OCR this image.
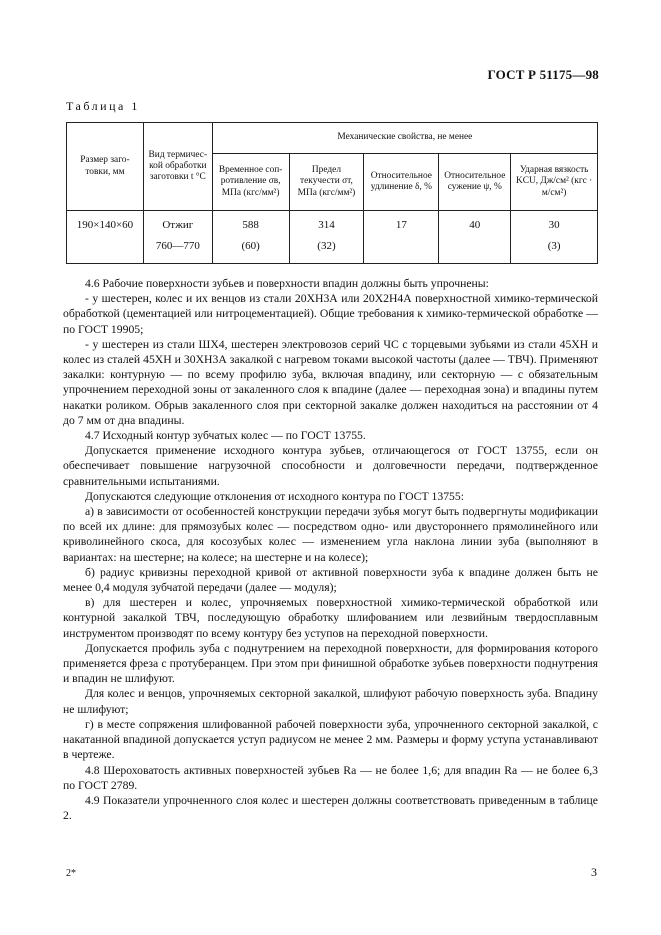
ГОСТ Р 51175—98
Таблица 1
Размер заго-товки, мм	Вид термичес-кой обработки заготовки t °С	Механические свойства, не менее				
		Временное соп-ротивление σв, МПа (кгс/мм²)	Предел текучести σт, МПа (кгс/мм²)	Относительное удлинение δ, %	Относительное сужение ψ, %	Ударная вязкость KCU, Дж/см² (кгс · м/см²)
190×140×60	Отжиг	588	314	17	40	30
	760—770	(60)	(32)			(3)

4.6 Рабочие поверхности зубьев и поверхности впадин должны быть упрочнены:

- у шестерен, колес и их венцов из стали 20ХН3А или 20Х2Н4А поверхностной химико-термической обработкой (цементацией или нитроцементацией). Общие требования к химико-термической обработке — по ГОСТ 19905;

- у шестерен из стали ШХ4, шестерен электровозов серий ЧС с торцевыми зубьями из стали 45ХН и колес из сталей 45ХН и 30ХН3А закалкой с нагревом токами высокой частоты (далее — ТВЧ). Применяют закалки: контурную — по всему профилю зуба, включая впадину, или секторную — с обязательным упрочнением переходной зоны от закаленного слоя к впадине (далее — переходная зона) и впадины путем накатки роликом. Обрыв закаленного слоя при секторной закалке должен находиться на расстоянии от 4 до 7 мм от дна впадины.

4.7 Исходный контур зубчатых колес — по ГОСТ 13755.

Допускается применение исходного контура зубьев, отличающегося от ГОСТ 13755, если он обеспечивает повышение нагрузочной способности и долговечности передачи, подтвержденное сравнительными испытаниями.

Допускаются следующие отклонения от исходного контура по ГОСТ 13755:

а) в зависимости от особенностей конструкции передачи зубья могут быть подвергнуты модификации по всей их длине: для прямозубых колес — посредством одно- или двустороннего прямолинейного или криволинейного скоса, для косозубых колес — изменением угла наклона линии зуба (выполняют в вариантах: на шестерне; на колесе; на шестерне и на колесе);

б) радиус кривизны переходной кривой от активной поверхности зуба к впадине должен быть не менее 0,4 модуля зубчатой передачи (далее — модуля);

в) для шестерен и колес, упрочняемых поверхностной химико-термической обработкой или контурной закалкой ТВЧ, последующую обработку шлифованием или лезвийным твердосплавным инструментом производят по всему контуру без уступов на переходной поверхности.

Допускается профиль зуба с поднутрением на переходной поверхности, для формирования которого применяется фреза с протуберанцем. При этом при финишной обработке зубьев поверхности поднутрения и впадин не шлифуют.

Для колес и венцов, упрочняемых секторной закалкой, шлифуют рабочую поверхность зуба. Впадину не шлифуют;

г) в месте сопряжения шлифованной рабочей поверхности зуба, упрочненного секторной закалкой, с накатанной впадиной допускается уступ радиусом не менее 2 мм. Размеры и форму уступа устанавливают в чертеже.

4.8 Шероховатость активных поверхностей зубьев Ra — не более 1,6; для впадин Ra — не более 6,3 по ГОСТ 2789.

4.9 Показатели упрочненного слоя колес и шестерен должны соответствовать приведенным в таблице 2.

2*	3
